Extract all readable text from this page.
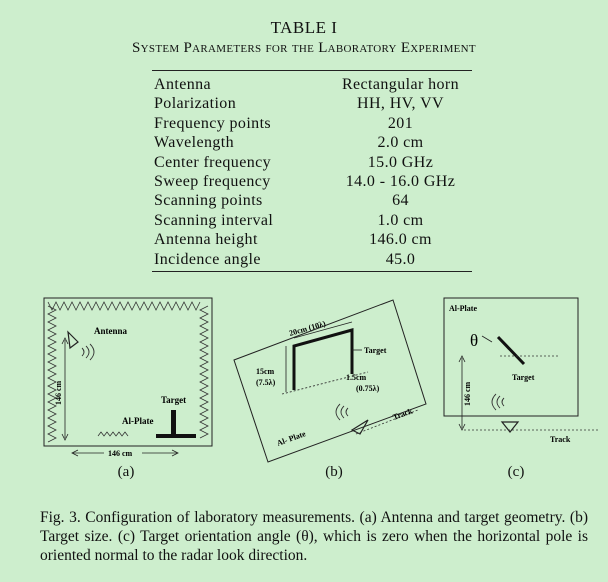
TABLE I
System Parameters for the Laboratory Experiment
Antenna	Rectangular horn
Polarization	HH, HV, VV
Frequency points	201
Wavelength	2.0 cm
Center frequency	15.0 GHz
Sweep frequency	14.0 - 16.0 GHz
Scanning points	64
Scanning interval	1.0 cm
Antenna height	146.0 cm
Incidence angle	45.0
Antenna
Target
Al-Plate
146 cm
146 cm
(a)
20cm (10λ)
15cm
(7.5λ)
Target
1.5cm
(0.75λ)
Track
Al- Plate
(b)
Al-Plate
θ
Target
146 cm
Track
(c)
Fig. 3. Configuration of laboratory measurements. (a) Antenna and target geometry. (b) Target size. (c) Target orientation angle (θ), which is zero when the horizontal pole is oriented normal to the radar look direction.
